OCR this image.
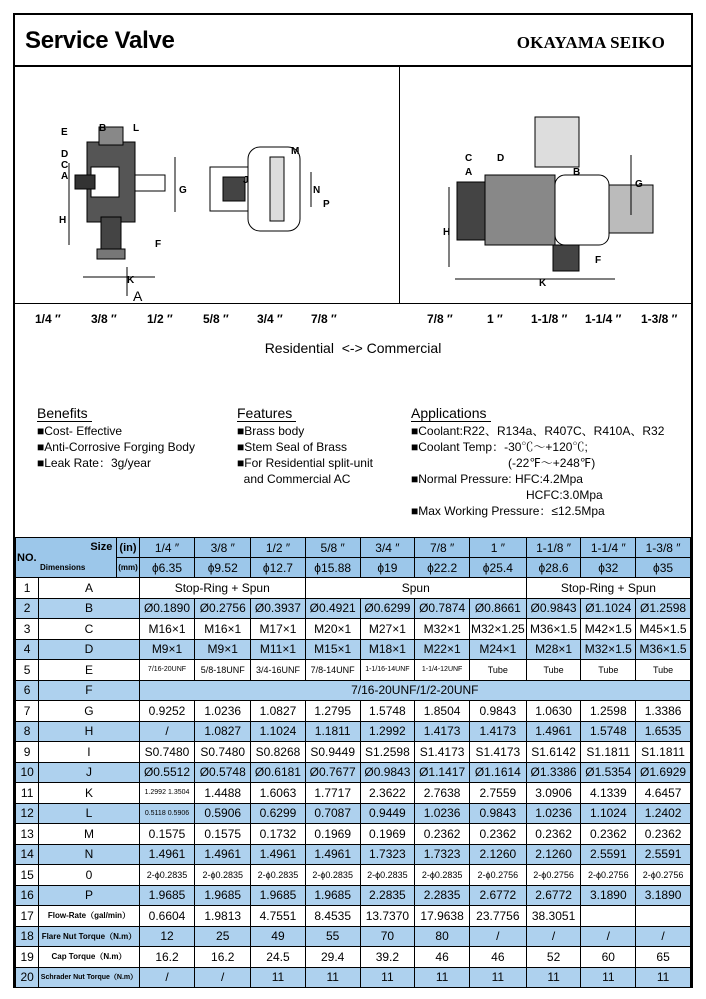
Service Valve	OKAYAMA SEIKO
E	B	L
D
C
A
G
H
F
K
A
M
J
N
P
C D
A	B
G
H
F
K
1/4 ″	3/8 ″	1/2 ″	5/8 ″ 3/4 ″ 7/8 ″	7/8 ″	1 ″ 1-1/8 ″ 1-1/4 ″ 1-3/8 ″
Residential  <-> Commercial
Benefits
■Cost- Effective
■Anti-Corrosive Forging Body
■Leak Rate：3g/year
Features
■Brass body
■Stem Seal of Brass
■For Residential split-unit
and Commercial AC
Applications
■Coolant:R22、R134a、R407C、R410A、R32
■Coolant Temp：-30℃～+120℃;
(-22℉～+248℉)
■Normal Pressure: HFC:4.2Mpa
HCFC:3.0Mpa
■Max Working Pressure：≤12.5Mpa
Size
NO.
Dimensions		(in)	1/4 ″	3/8 ″	1/2 ″	5/8 ″	3/4 ″	7/8 ″	1 ″	1-1/8 ″	1-1/4 ″	1-3/8 ″
		(mm)	ϕ6.35	ϕ9.52	ϕ12.7	ϕ15.88	ϕ19	ϕ22.2	ϕ25.4	ϕ28.6	ϕ32	ϕ35
1	A		Stop-Ring + Spun			Spun				Stop-Ring + Spun		
2	B		Ø0.1890	Ø0.2756	Ø0.3937	Ø0.4921	Ø0.6299	Ø0.7874	Ø0.8661	Ø0.9843	Ø1.1024	Ø1.2598
3	C		M16×1	M16×1	M17×1	M20×1	M27×1	M32×1	M32×1.25	M36×1.5	M42×1.5	M45×1.5
4	D		M9×1	M9×1	M11×1	M15×1	M18×1	M22×1	M24×1	M28×1	M32×1.5	M36×1.5
5	E		7/16-20UNF	5/8-18UNF	3/4-16UNF	7/8-14UNF	1-1/16-14UNF	1-1/4-12UNF	Tube	Tube	Tube	Tube
6	F		7/16-20UNF/1/2-20UNF									
7	G		0.9252	1.0236	1.0827	1.2795	1.5748	1.8504	0.9843	1.0630	1.2598	1.3386
8	H		/	1.0827	1.1024	1.1811	1.2992	1.4173	1.4173	1.4961	1.5748	1.6535
9	I		S0.7480	S0.7480	S0.8268	S0.9449	S1.2598	S1.4173	S1.4173	S1.6142	S1.1811	S1.1811
10	J		Ø0.5512	Ø0.5748	Ø0.6181	Ø0.7677	Ø0.9843	Ø1.1417	Ø1.1614	Ø1.3386	Ø1.5354	Ø1.6929
11	K		1.2992 1.3504	1.4488	1.6063	1.7717	2.3622	2.7638	2.7559	3.0906	4.1339	4.6457
12	L		0.5118 0.5906	0.5906	0.6299	0.7087	0.9449	1.0236	0.9843	1.0236	1.1024	1.2402
13	M		0.1575	0.1575	0.1732	0.1969	0.1969	0.2362	0.2362	0.2362	0.2362	0.2362
14	N		1.4961	1.4961	1.4961	1.4961	1.7323	1.7323	2.1260	2.1260	2.5591	2.5591
15	0		2-ϕ0.2835	2-ϕ0.2835	2-ϕ0.2835	2-ϕ0.2835	2-ϕ0.2835	2-ϕ0.2835	2-ϕ0.2756	2-ϕ0.2756	2-ϕ0.2756	2-ϕ0.2756
16	P		1.9685	1.9685	1.9685	1.9685	2.2835	2.2835	2.6772	2.6772	3.1890	3.1890
17	Flow-Rate（gal/min）		0.6604	1.9813	4.7551	8.4535	13.7370	17.9638	23.7756	38.3051		
18	Flare Nut Torque（N.m）		12	25	49	55	70	80	/	/	/	/
19	Cap Torque（N.m）		16.2	16.2	24.5	29.4	39.2	46	46	52	60	65
20	Schrader Nut Torque（N.m）		/	/	11	11	11	11	11	11	11	11
